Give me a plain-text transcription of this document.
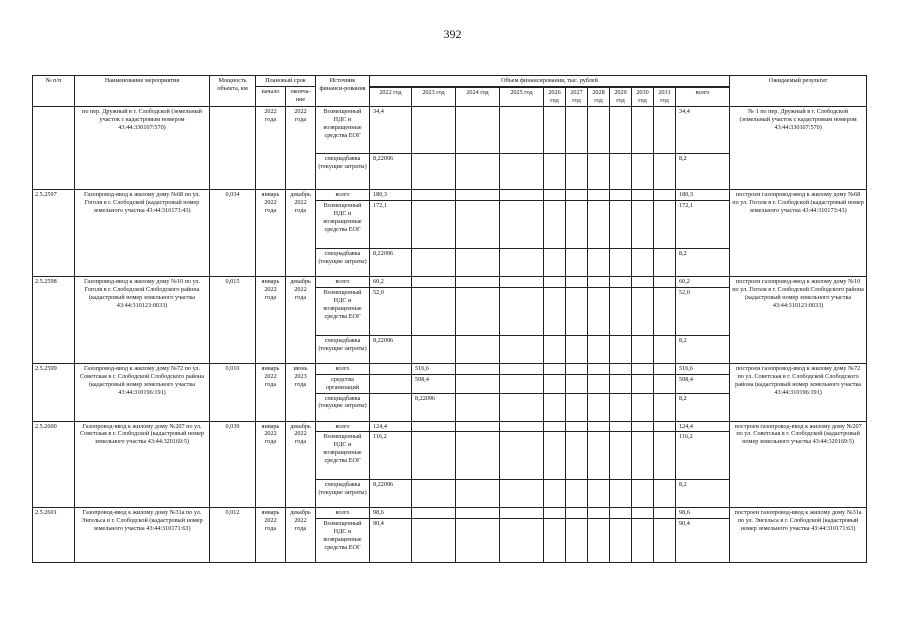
392
№ п/п	Наименование мероприятия	Мощность объекта, км	Плановый срок		Источник финанси-рования	Объем финансирования, тыс. рублей											Ожидаемый результат
			начало	оконча-ние													
						2022 год	2023 год	2024 год	2025 год	2026 год	2027 год	2028 год	2029 год	2030 год	2031 год	всего	
	по пер. Дружный в г. Слободской (земельный участок с кадастровым номером 43:44:330107:570)		2022 года	2022 года	Возмещенный НДС и возвращенные средства ЕОГ	34,4										34,4	№ 1 по пер. Дружный в г. Слободской (земельный участок с кадастровым номером 43:44:330107:570)
					спецнадбавка (текущие затраты)	8,22096										8,2	
2.5.2597	Газопровод-ввод к жилому дому №68 по ул. Гоголя в г. Слободской (кадастровый номер земельного участка 43:44:310173:43)	0,034	январь 2022 года	декабрь 2022 года	всего	180,3										180,3	построен газопровод-ввод к жилому дому №68 по ул. Гоголя в г. Слободской (кадастровый номер земельного участка 43:44:310173:43)
					Возмещенный НДС и возвращенные средства ЕОГ	172,1										172,1	
					спецнадбавка (текущие затраты)	8,22096										8,2	
2.5.2598	Газопровод-ввод к жилому дому №10 по ул. Гоголя в г. Слободской Слободского района (кадастровый номер земельного участка 43:44:310123:0033)	0,015	январь 2022 года	декабрь 2022 года	всего	60,2										60,2	построен газопровод-ввод к жилому дому №10 по ул. Гоголя в г. Слободской Слободского района (кадастровый номер земельного участка 43:44:310123:0033)
					Возмещенный НДС и возвращенные средства ЕОГ	52,0										52,0	
					спецнадбавка (текущие затраты)	8,22096										8,2	
2.5.2599	Газопровод-ввод к жилому дому №72 по ул. Советская в г. Слободской Слободского района (кадастровый номер земельного участка 43:44:310196:191)	0,010	январь 2022 года	июнь 2023 года	всего		516,6									516,6	построен газопровод-ввод к жилому дому №72 по ул. Советская в г. Слободской Слободского района (кадастровый номер земельного участка 43:44:310196:191)
					средства организаций		508,4									508,4	
					спецнадбавка (текущие затраты)		8,22096									8,2	
2.5.2600	Газопровод-ввод к жилому дому №207 по ул. Советская в г. Слободской (кадастровый номер земельного участка 43:44:320169:5)	0,039	январь 2022 года	декабрь 2022 года	всего	124,4										124,4	построен газопровод-ввод к жилому дому №207 по ул. Советская в г. Слободской (кадастровый номер земельного участка 43:44:320169:5)
					Возмещенный НДС и возвращенные средства ЕОГ	116,2										116,2	
					спецнадбавка (текущие затраты)	8,22096										8,2	
2.5.2601	Газопровод-ввод к жилому дому №31а по ул. Энгельса в г. Слободской (кадастровый номер земельного участка 43:44:310171:63)	0,012	январь 2022 года	декабрь 2022 года	всего	98,6										98,6	построен газопровод-ввод к жилому дому №31а по ул. Энгельса в г. Слободской (кадастровый номер земельного участка 43:44:310171:63)
					Возмещенный НДС и возвращенные средства ЕОГ	90,4										90,4	
